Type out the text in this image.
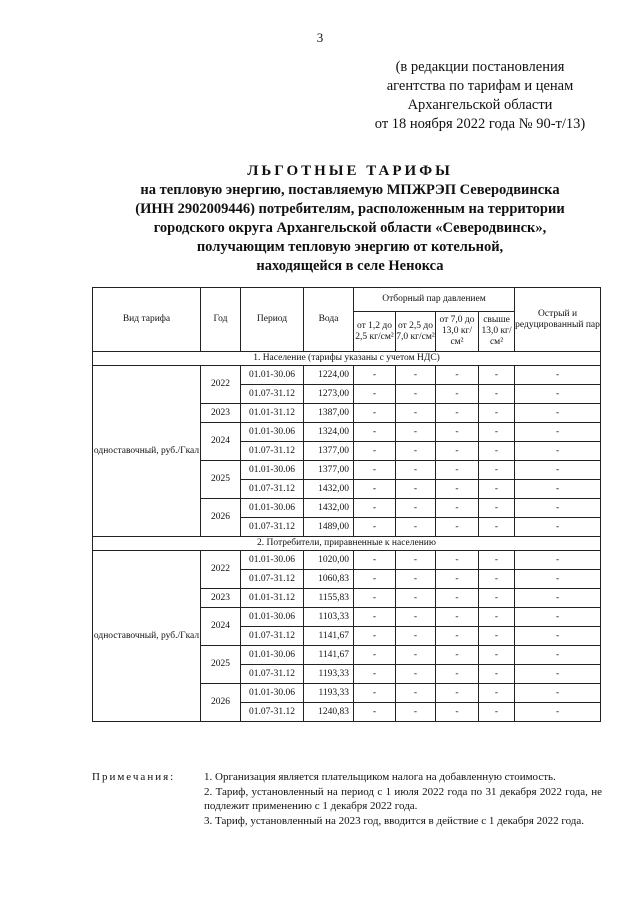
3
(в редакции постановления
агентства по тарифам и ценам
Архангельской области
от 18 ноября 2022 года № 90-т/13)
ЛЬГОТНЫЕ ТАРИФЫ
на тепловую энергию, поставляемую МПЖРЭП Северодвинска
(ИНН 2902009446) потребителям, расположенным на территории
городского округа Архангельской области «Северодвинск»,
получающим тепловую энергию от котельной,
находящейся в селе Ненокса
Вид тарифа	Год	Период	Вода	Отборный пар давлением				Острый и редуцированный пар
				от 1,2 до 2,5 кг/см²	от 2,5 до 7,0 кг/см²	от 7,0 до 13,0 кг/см²	свыше 13,0 кг/см²	
1. Население (тарифы указаны с учетом НДС)								
одноставочный, руб./Гкал	2022	01.01-30.06	1224,00	-	-	-	-	-
		01.07-31.12	1273,00	-	-	-	-	-
	2023	01.01-31.12	1387,00	-	-	-	-	-
	2024	01.01-30.06	1324,00	-	-	-	-	-
		01.07-31.12	1377,00	-	-	-	-	-
	2025	01.01-30.06	1377,00	-	-	-	-	-
		01.07-31.12	1432,00	-	-	-	-	-
	2026	01.01-30.06	1432,00	-	-	-	-	-
		01.07-31.12	1489,00	-	-	-	-	-
2. Потребители, приравненные к населению								
одноставочный, руб./Гкал	2022	01.01-30.06	1020,00	-	-	-	-	-
		01.07-31.12	1060,83	-	-	-	-	-
	2023	01.01-31.12	1155,83	-	-	-	-	-
	2024	01.01-30.06	1103,33	-	-	-	-	-
		01.07-31.12	1141,67	-	-	-	-	-
	2025	01.01-30.06	1141,67	-	-	-	-	-
		01.07-31.12	1193,33	-	-	-	-	-
	2026	01.01-30.06	1193,33	-	-	-	-	-
		01.07-31.12	1240,83	-	-	-	-	-
Примечания:	1. Организация является плательщиком налога на добавленную стоимость.
2. Тариф, установленный на период с 1 июля 2022 года по 31 декабря 2022 года, не подлежит применению с 1 декабря 2022 года.
3. Тариф, установленный на 2023 год, вводится в действие с 1 декабря 2022 года.
